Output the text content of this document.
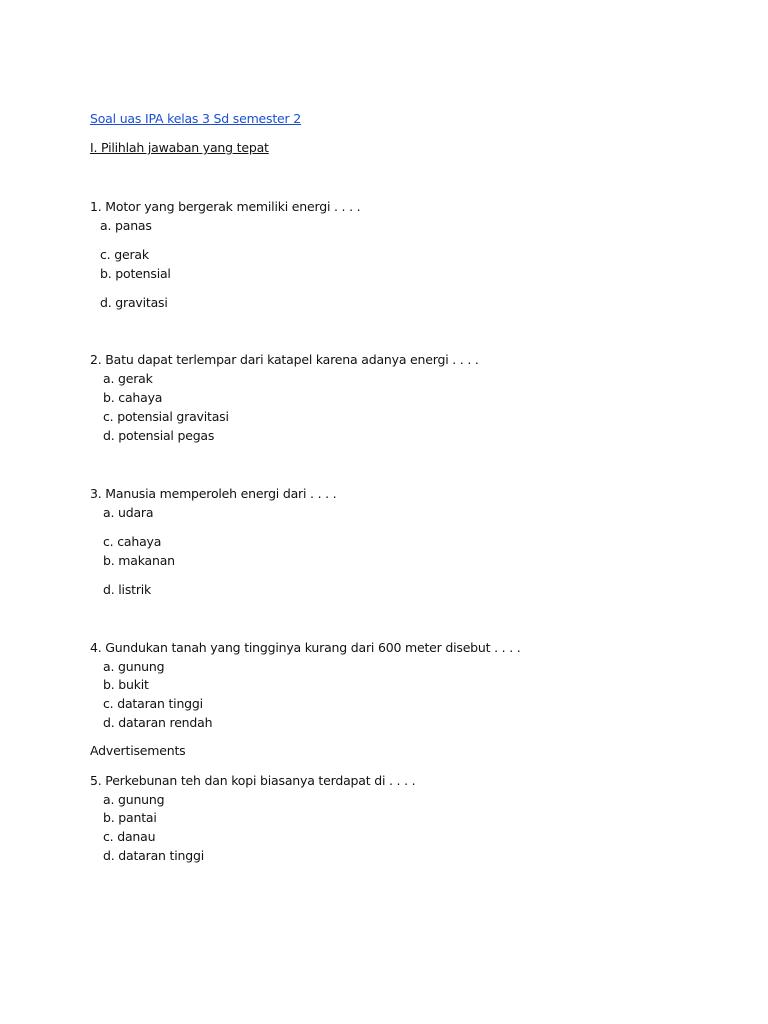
Soal uas IPA kelas 3 Sd semester 2
I. Pilihlah jawaban yang tepat
1. Motor yang bergerak memiliki energi . . . .
a. panas
c. gerak
b. potensial
d. gravitasi
2. Batu dapat terlempar dari katapel karena adanya energi . . . .
a. gerak
b. cahaya
c. potensial gravitasi
d. potensial pegas
3. Manusia memperoleh energi dari . . . .
a. udara
c. cahaya
b. makanan
d. listrik
4. Gundukan tanah yang tingginya kurang dari 600 meter disebut . . . .
a. gunung
b. bukit
c. dataran tinggi
d. dataran rendah
Advertisements
5. Perkebunan teh dan kopi biasanya terdapat di . . . .
a. gunung
b. pantai
c. danau
d. dataran tinggi
